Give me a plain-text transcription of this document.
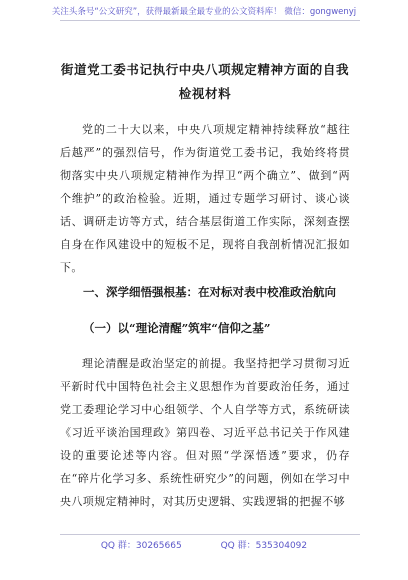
关注头条号“公文研究”，获得最新最全最专业的公文资料库！ 微信：gongwenyj
街道党工委书记执行中央八项规定精神方面的自我检视材料
党的二十大以来，中央八项规定精神持续释放“越往后越严”的强烈信号，作为街道党工委书记，我始终将贯彻落实中央八项规定精神作为捍卫“两个确立”、做到“两个维护”的政治检验。近期，通过专题学习研讨、谈心谈话、调研走访等方式，结合基层街道工作实际，深刻查摆自身在作风建设中的短板不足，现将自我剖析情况汇报如下。
一、深学细悟强根基：在对标对表中校准政治航向
（一）以“理论清醒”筑牢“信仰之基”
理论清醒是政治坚定的前提。我坚持把学习贯彻习近平新时代中国特色社会主义思想作为首要政治任务，通过党工委理论学习中心组领学、个人自学等方式，系统研读《习近平谈治国理政》第四卷、习近平总书记关于作风建设的重要论述等内容。但对照“学深悟透”要求，仍存在“碎片化学习多、系统性研究少”的问题，例如在学习中央八项规定精神时，对其历史逻辑、实践逻辑的把握不够
QQ 群：30265665	QQ 群：535304092
